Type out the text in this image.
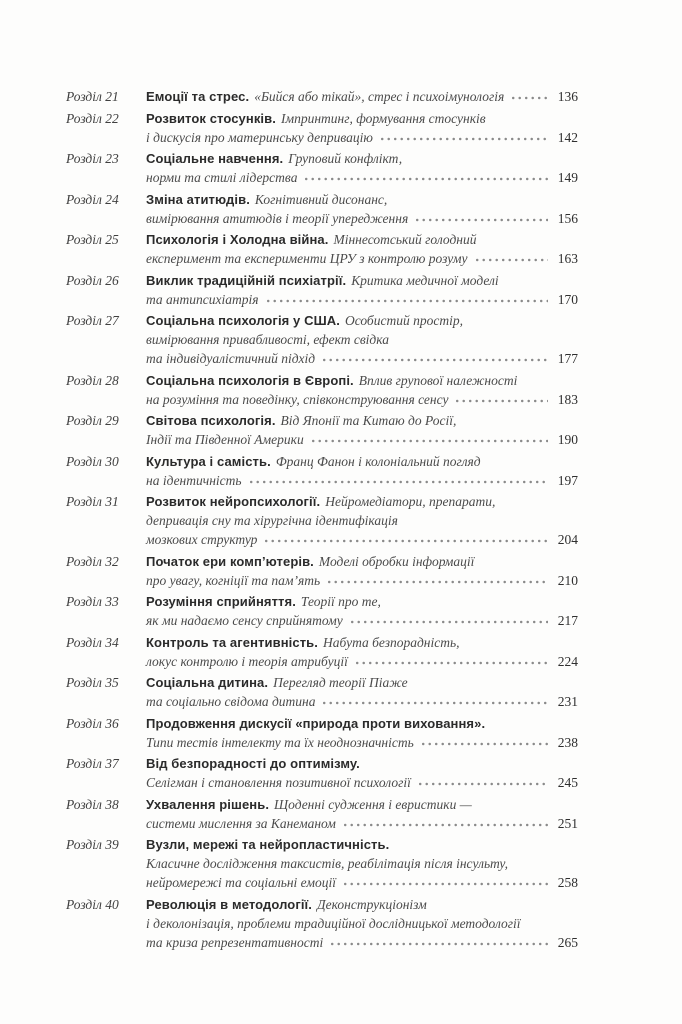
Розділ 21	Емоції та стрес. «Бийся або тікай», стрес і психоімунологія	136
Розділ 22	Розвиток стосунків. Імпринтинг, формування стосунків
і дискусія про материнську депривацію	142
Розділ 23	Соціальне навчення. Груповий конфлікт,
норми та стилі лідерства	149
Розділ 24	Зміна атитюдів. Когнітивний дисонанс,
вимірювання атитюдів і теорії упередження	156
Розділ 25	Психологія і Холодна війна. Міннесотський голодний
експеримент та експерименти ЦРУ з контролю розуму	163
Розділ 26	Виклик традиційній психіатрії. Критика медичної моделі
та антипсихіатрія	170
Розділ 27	Соціальна психологія у США. Особистий простір,
вимірювання привабливості, ефект свідка
та індивідуалістичний підхід	177
Розділ 28	Соціальна психологія в Європі. Вплив групової належності
на розуміння та поведінку, співконструювання сенсу	183
Розділ 29	Світова психологія. Від Японії та Китаю до Росії,
Індії та Південної Америки	190
Розділ 30	Культура і самість. Франц Фанон і колоніальний погляд
на ідентичність	197
Розділ 31	Розвиток нейропсихології. Нейромедіатори, препарати,
депривація сну та хірургічна ідентифікація
мозкових структур	204
Розділ 32	Початок ери комп’ютерів. Моделі обробки інформації
про увагу, когніції та пам’ять	210
Розділ 33	Розуміння сприйняття. Теорії про те,
як ми надаємо сенсу сприйнятому	217
Розділ 34	Контроль та агентивність. Набута безпорадність,
локус контролю і теорія атрибуції	224
Розділ 35	Соціальна дитина. Перегляд теорії Піаже
та соціально свідома дитина	231
Розділ 36	Продовження дискусії «природа проти виховання».
Типи тестів інтелекту та їх неоднозначність	238
Розділ 37	Від безпорадності до оптимізму.
Селігман і становлення позитивної психології	245
Розділ 38	Ухвалення рішень. Щоденні судження і евристики —
системи мислення за Канеманом	251
Розділ 39	Вузли, мережі та нейропластичність.
Класичне дослідження таксистів, реабілітація після інсульту,
нейромережі та соціальні емоції	258
Розділ 40	Революція в методології. Деконструкціонізм
і деколонізація, проблеми традиційної дослідницької методології
та криза репрезентативності	265
